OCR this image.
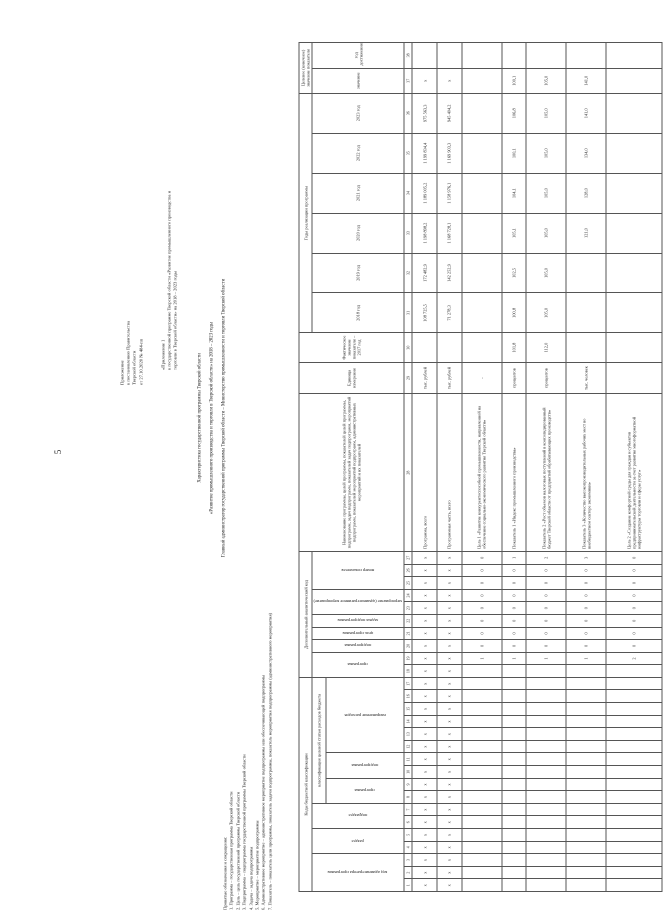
5
Приложение к постановлению Правительства Тверской области от 27.10.2020 № 484-пп	«Приложение 1 к государственной программе Тверской области «Развитие промышленного производства и торговли в Тверской области» на 2018 – 2023 годы
Характеристика государственной программы Тверской области «Развитие промышленного производства и торговли в Тверской области» на 2018 – 2023 годы Главный администратор государственной программы Тверской области – Министерство промышленности и торговли Тверской области
Принятые обозначения и сокращения: 1. Программа – государственная программа Тверской области 2. Цель – цель государственной программы Тверской области 3. Подпрограмма – подпрограмма государственной программы Тверской области 4. Задача – задача подпрограммы 5. Мероприятие – мероприятие подпрограммы 6. Административное мероприятие – административное мероприятие подпрограммы или обеспечивающей подпрограммы 7. Показатель – показатель цели программы, показатель задачи подпрограммы, показатель мероприятия подпрограммы (административного мероприятия)	Коды бюджетной классификации																	Дополнительный аналитический код										Наименование программы, целей программы, показателей целей программы, подпрограмм, задач подпрограмм, показателей задач подпрограмм, мероприятий подпрограмм, показателей мероприятий подпрограмм, административных мероприятий и их показателей	Единица измерения	Фактическое значение показателя – 2017 год	Годы реализации программы						Целевое (конечное) значение показателя	
код администратора программы			раздел		подраздел		классификация целевой статьи расходов бюджета										программа		подпрограмма	цель программы	задача подпрограммы	мероприятие (административное мероприятие)		номер показателя						2018 год	2019 год	2020 год	2021 год	2022 год	2023 год	значение	год достижения
							программа		подпрограмма		направление расходов																										
1	2	3	4	5	6	7	8	9	10	11	12	13	14	15	16	17	18	19	20	21	22	23	24	25	26	27	28	29	30	31	32	33	34	35	36	37	38
x	x	x	x	x	x	x	x	x	x	x	x	x	x	x	x	x	x	x	x	x	x	x	x	x	x	x	Программа, всего	тыс. рублей		108 725,5	172 482,9	1 198 898,2	1 189 005,2	1 199 834,4	975 563,3	x	
x	x	x	x	x	x	x	x	x	x	x	x	x	x	x	x	x	x	x	x	x	x	x	x	x	x	x	Программная часть, всего	тыс. рублей		71 278,3	142 252,9	1 168 728,1	1 158 976,1	1 169 903,3	945 404,2	x	
																		1	0	0	0	0	0	0	0	0	Цель 1 «Развитие конкурентоспособной промышленности, направленной на обеспечение социально-экономического развития Тверской области»	-									
																		1	0	0	0	0	0	0	0	1	Показатель 1 «Индекс промышленного производства»	процентов	101,8	100,8	102,5	105,1	104,1	100,1	106,8	100,1	
																		1	0	0	0	0	0	0	0	2	Показатель 2 «Рост объемов налоговых поступлений в консолидированный бюджет Тверской области от предприятий обрабатывающих производств»	процентов	112,0	105,0	105,0	105,0	105,0	105,0	105,0	105,0	
																		1	0	0	0	0	0	0	0	3	Показатель 3 «Количество высокопроизводительных рабочих мест во внебюджетном секторе экономики»	тыс. человек				121,0	128,0	134,0	141,0	141,0	
																		2	0	0	0	0	0	0	0	0	Цель 2 «Создание комфортной среды для граждан и субъектов предпринимательской деятельности за счет развития многоформатной инфраструктуры торговли и сферы услуг»										
